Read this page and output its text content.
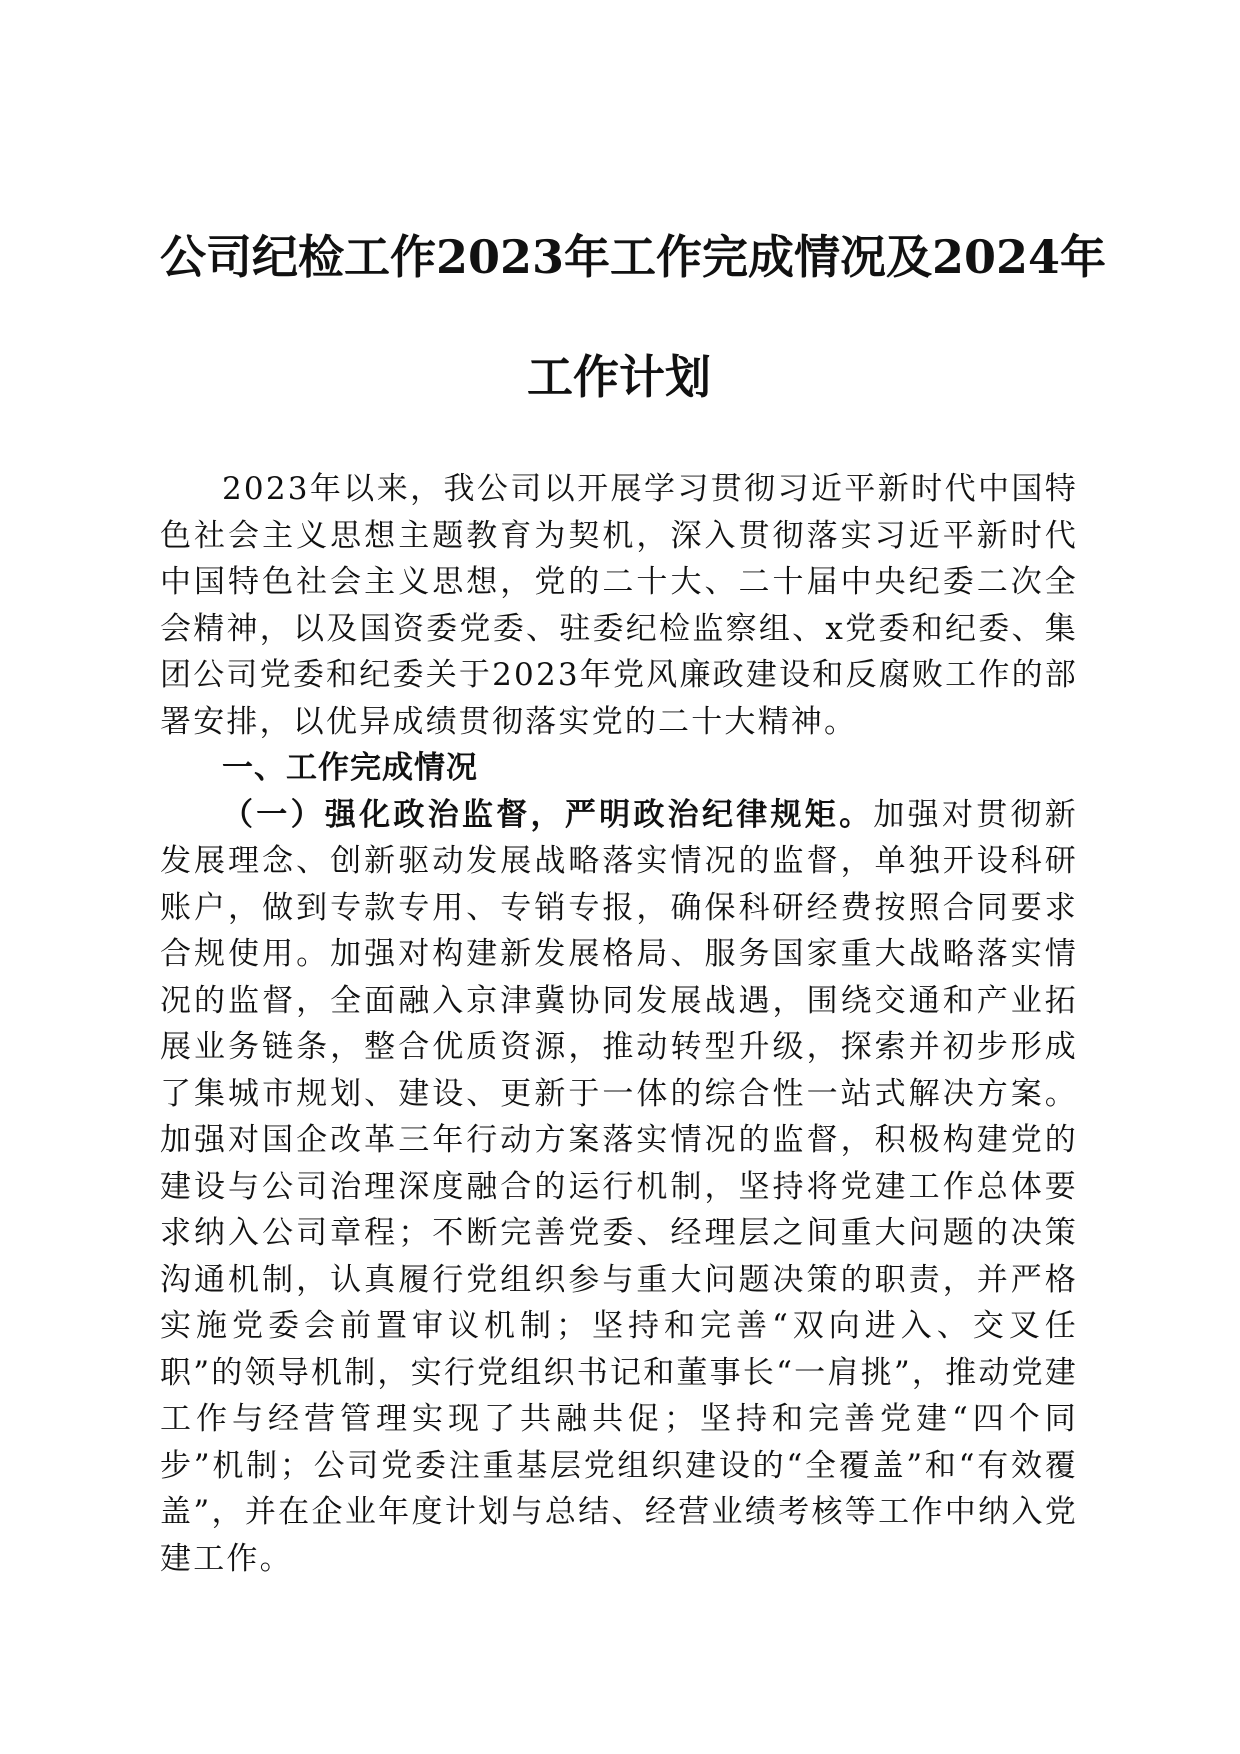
公司纪检工作2023年工作完成情况及2024年
工作计划

2023年以来，我公司以开展学习贯彻习近平新时代中国特色社会主义思想主题教育为契机，深入贯彻落实习近平新时代中国特色社会主义思想，党的二十大、二十届中央纪委二次全会精神，以及国资委党委、驻委纪检监察组、x党委和纪委、集团公司党委和纪委关于2023年党风廉政建设和反腐败工作的部署安排，以优异成绩贯彻落实党的二十大精神。

一、工作完成情况

（一）强化政治监督，严明政治纪律规矩。加强对贯彻新发展理念、创新驱动发展战略落实情况的监督，单独开设科研账户，做到专款专用、专销专报，确保科研经费按照合同要求合规使用。加强对构建新发展格局、服务国家重大战略落实情况的监督，全面融入京津冀协同发展战遇，围绕交通和产业拓展业务链条，整合优质资源，推动转型升级，探索并初步形成了集城市规划、建设、更新于一体的综合性一站式解决方案。加强对国企改革三年行动方案落实情况的监督，积极构建党的建设与公司治理深度融合的运行机制，坚持将党建工作总体要求纳入公司章程；不断完善党委、经理层之间重大问题的决策沟通机制，认真履行党组织参与重大问题决策的职责，并严格实施党委会前置审议机制；坚持和完善“双向进入、交叉任职”的领导机制，实行党组织书记和董事长“一肩挑”，推动党建工作与经营管理实现了共融共促；坚持和完善党建“四个同步”机制；公司党委注重基层党组织建设的“全覆盖”和“有效覆盖”，并在企业年度计划与总结、经营业绩考核等工作中纳入党建工作。
